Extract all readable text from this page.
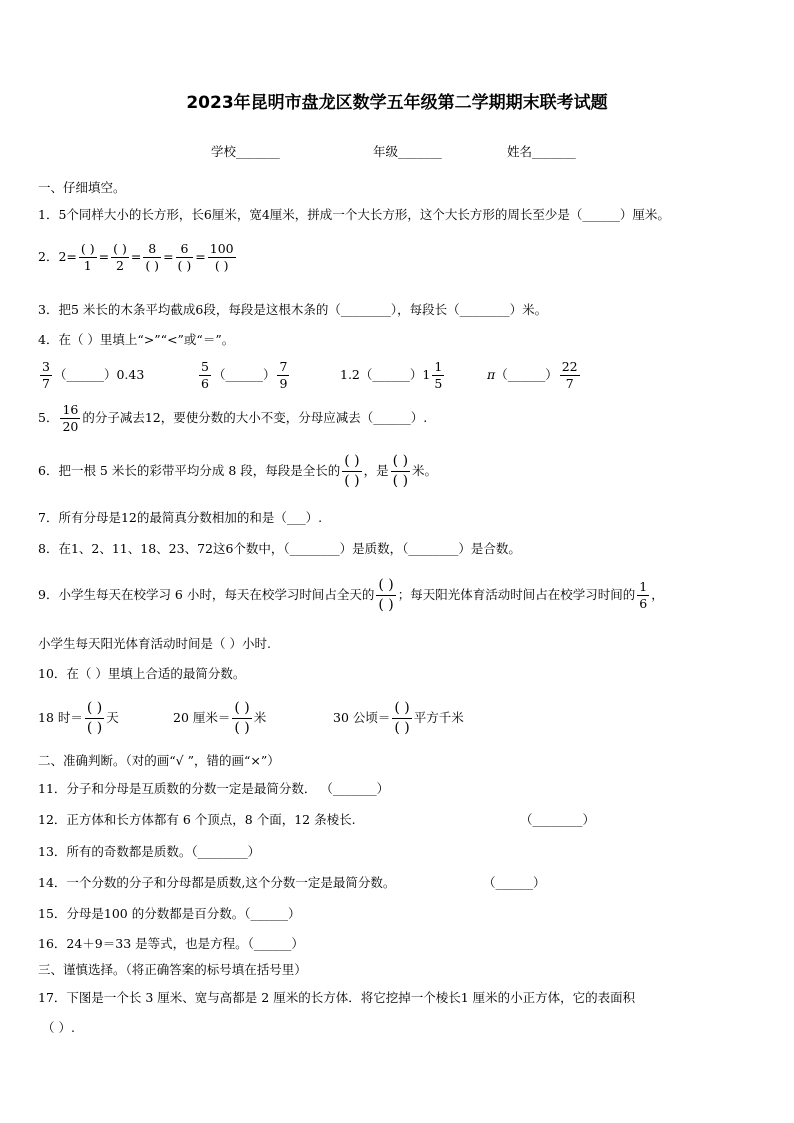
2023年昆明市盘龙区数学五年级第二学期期末联考试题
学校_______	年级_______	姓名_______
一、仔细填空。
1．5个同样大小的长方形，长6厘米，宽4厘米，拼成一个大长方形，这个大长方形的周长至少是（______）厘米。
2．$2= \frac{( )}{1} = \frac{( )}{2} = \frac{8}{( )} = \frac{6}{( )} = \frac{100}{( )}$
3．把5 米长的木条平均截成6段，每段是这根木条的（________），每段长（________）米。
4．在（ ）里填上“>”“<”或“＝”。
$\frac{3}{7}$ （______）0.43	$\frac{5}{6}$ （______） $\frac{7}{9}$	1.2（______）1 $\frac{1}{5}$	π（______） $\frac{22}{7}$
5． $\frac{16}{20}$ 的分子减去12，要使分数的大小不变，分母应减去（______）.
6．把一根 5 米长的彩带平均分成 8 段，每段是全长的 $\frac{( )}{( )}$ ，是 $\frac{( )}{( )}$ 米。
7．所有分母是12的最简真分数相加的和是（___）.
8．在1、2、11、18、23、72这6个数中，（________）是质数，（________）是合数。
9．小学生每天在校学习 6 小时，每天在校学习时间占全天的 $\frac{( )}{( )}$ ；每天阳光体育活动时间占在校学习时间的 $\frac{1}{6}$ ，
小学生每天阳光体育活动时间是（ ）小时.
10．在（ ）里填上合适的最简分数。
18 时＝ $\frac{( )}{( )}$ 天	20 厘米＝ $\frac{( )}{( )}$ 米	30 公顷＝ $\frac{( )}{( )}$ 平方千米
二、准确判断。（对的画“√ ”，错的画“×”）
11．分子和分母是互质数的分数一定是最简分数． （_______）
12．正方体和长方体都有 6 个顶点，8 个面，12 条棱长.	（________）
13．所有的奇数都是质数。（________）
14．一个分数的分子和分母都是质数,这个分数一定是最简分数。	（______）
15．分母是100 的分数都是百分数。（______）
16．24＋9＝33 是等式，也是方程。（______）
三、谨慎选择。（将正确答案的标号填在括号里）
17．下图是一个长 3 厘米、宽与高都是 2 厘米的长方体．将它挖掉一个棱长1 厘米的小正方体，它的表面积
（ ）.
